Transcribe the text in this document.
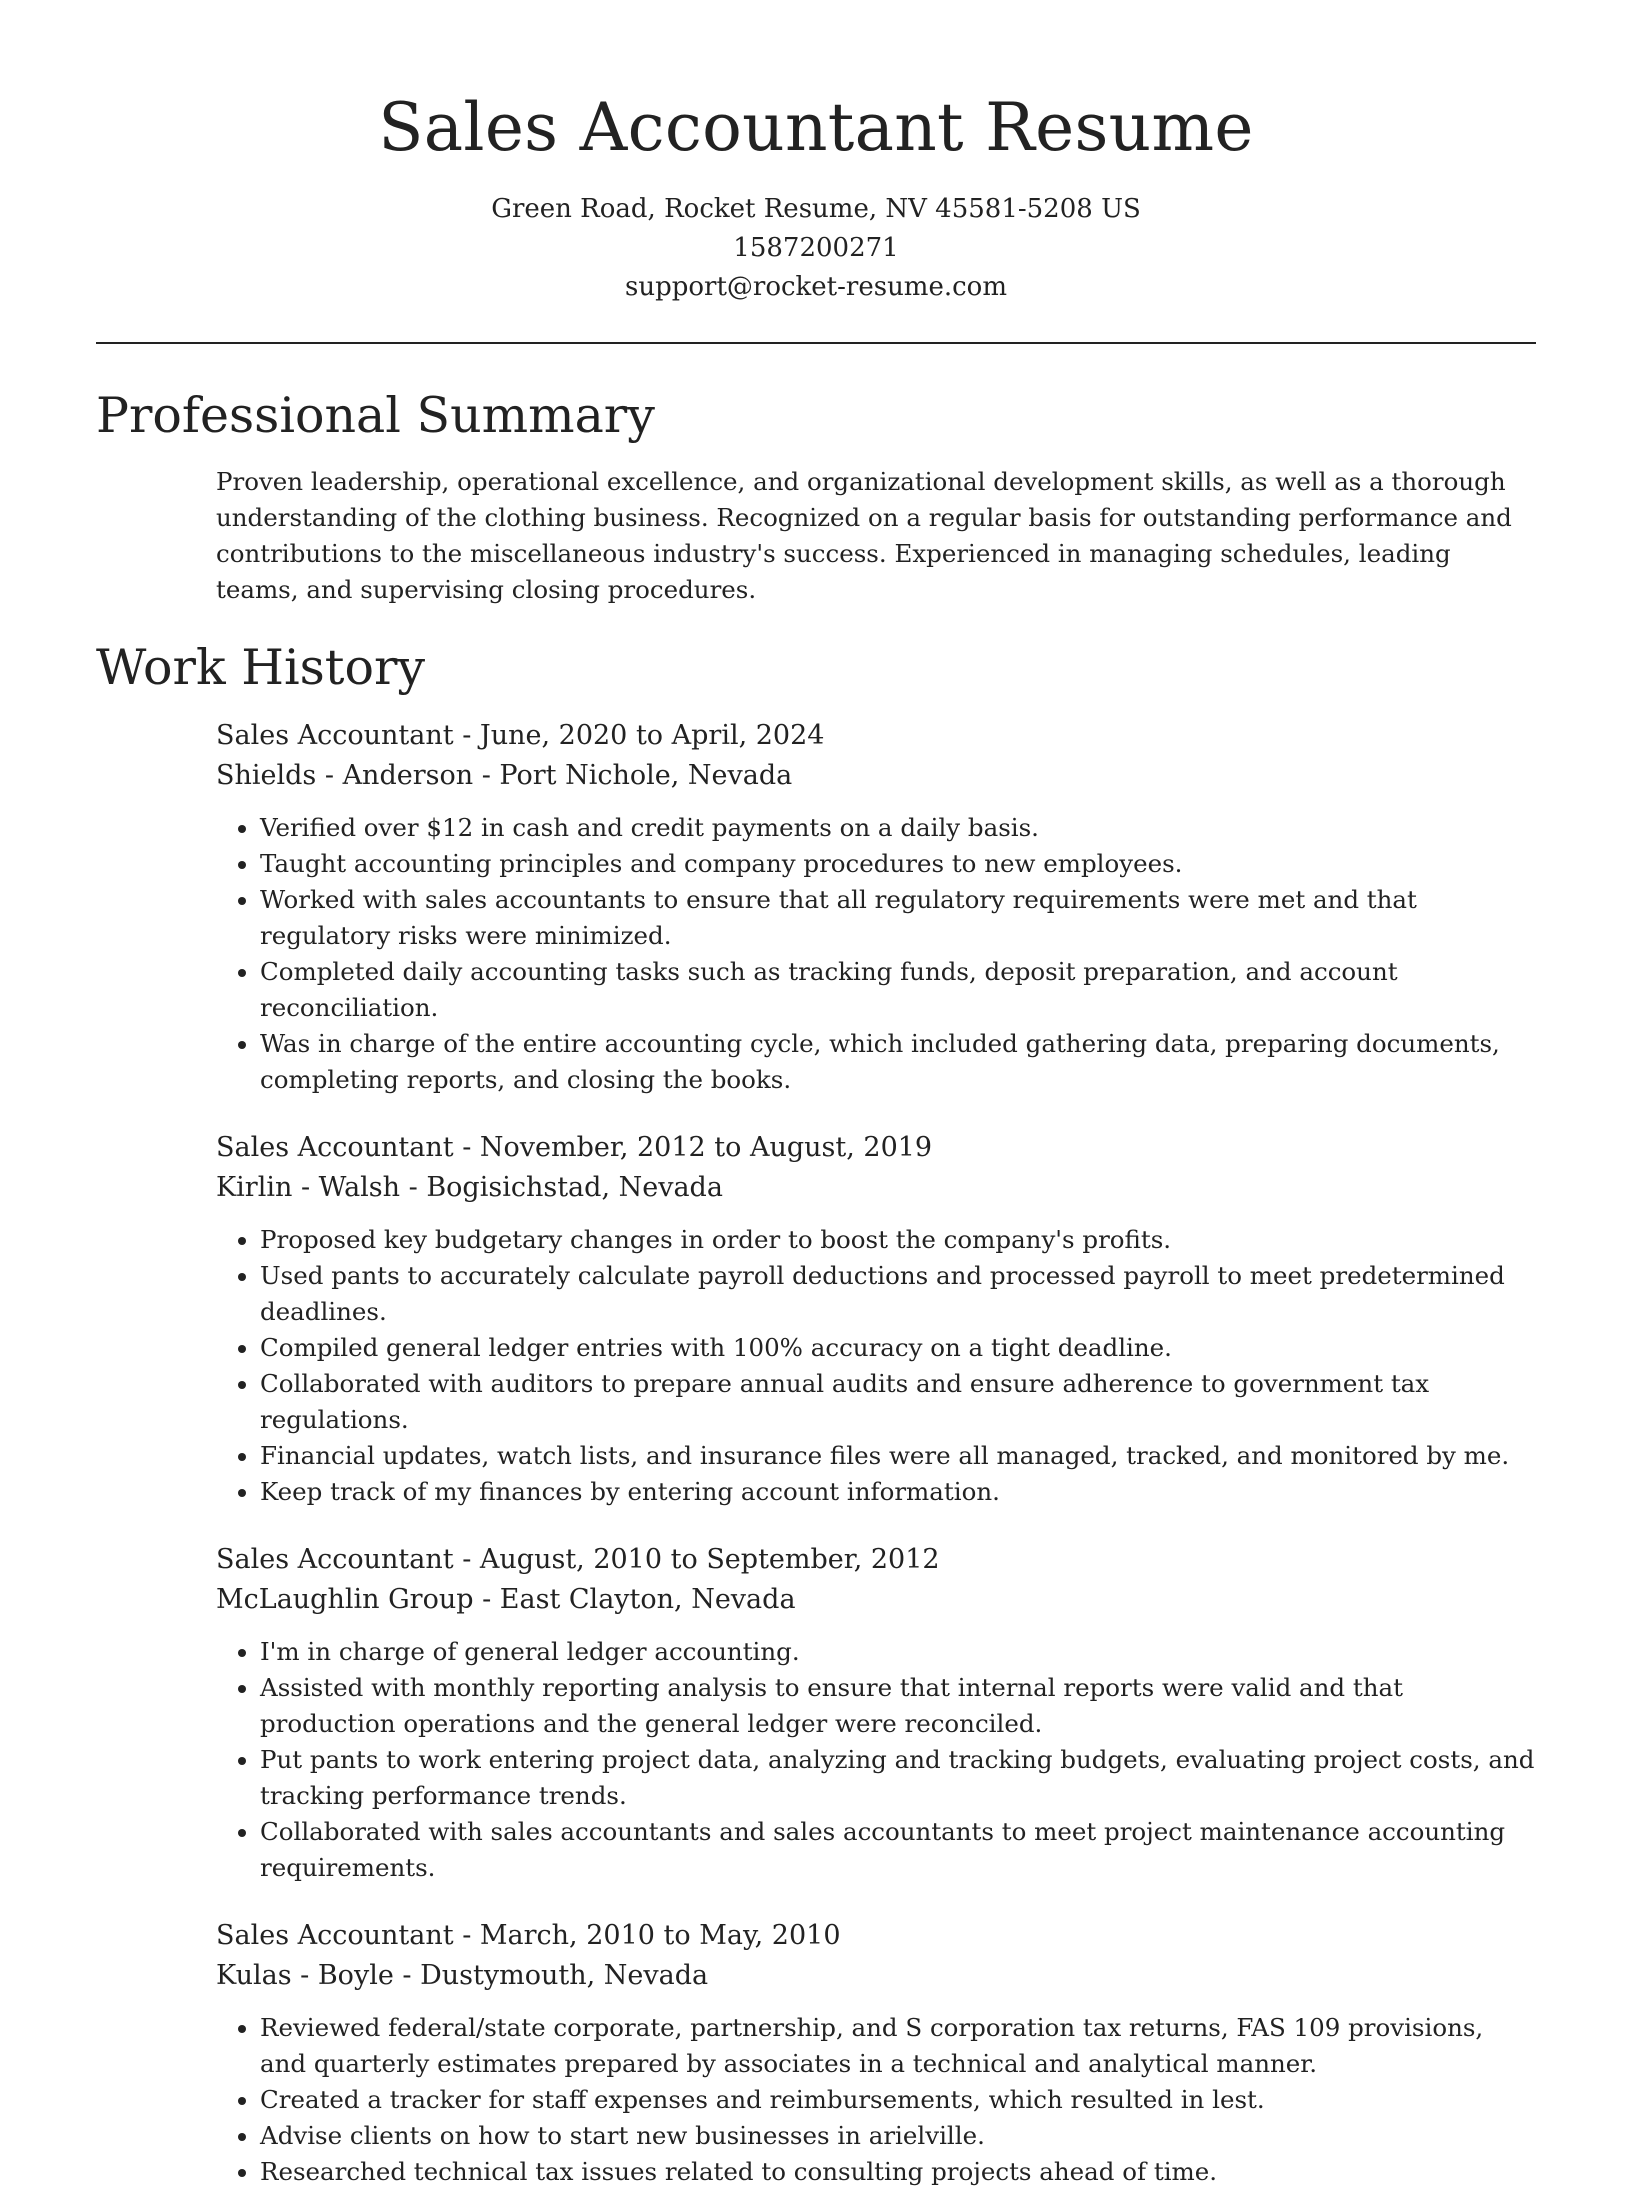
Sales Accountant Resume
Green Road, Rocket Resume, NV 45581-5208 US
1587200271
support@rocket-resume.com
Professional Summary
Proven leadership, operational excellence, and organizational development skills, as well as a thorough understanding of the clothing business. Recognized on a regular basis for outstanding performance and contributions to the miscellaneous industry's success. Experienced in managing schedules, leading teams, and supervising closing procedures.
Work History
Sales Accountant - June, 2020 to April, 2024
Shields - Anderson - Port Nichole, Nevada
• Verified over $12 in cash and credit payments on a daily basis.
• Taught accounting principles and company procedures to new employees.
• Worked with sales accountants to ensure that all regulatory requirements were met and that regulatory risks were minimized.
• Completed daily accounting tasks such as tracking funds, deposit preparation, and account reconciliation.
• Was in charge of the entire accounting cycle, which included gathering data, preparing documents, completing reports, and closing the books.
Sales Accountant - November, 2012 to August, 2019
Kirlin - Walsh - Bogisichstad, Nevada
• Proposed key budgetary changes in order to boost the company's profits.
• Used pants to accurately calculate payroll deductions and processed payroll to meet predetermined deadlines.
• Compiled general ledger entries with 100% accuracy on a tight deadline.
• Collaborated with auditors to prepare annual audits and ensure adherence to government tax regulations.
• Financial updates, watch lists, and insurance files were all managed, tracked, and monitored by me.
• Keep track of my finances by entering account information.
Sales Accountant - August, 2010 to September, 2012
McLaughlin Group - East Clayton, Nevada
• I'm in charge of general ledger accounting.
• Assisted with monthly reporting analysis to ensure that internal reports were valid and that production operations and the general ledger were reconciled.
• Put pants to work entering project data, analyzing and tracking budgets, evaluating project costs, and tracking performance trends.
• Collaborated with sales accountants and sales accountants to meet project maintenance accounting requirements.
Sales Accountant - March, 2010 to May, 2010
Kulas - Boyle - Dustymouth, Nevada
• Reviewed federal/state corporate, partnership, and S corporation tax returns, FAS 109 provisions, and quarterly estimates prepared by associates in a technical and analytical manner.
• Created a tracker for staff expenses and reimbursements, which resulted in lest.
• Advise clients on how to start new businesses in arielville.
• Researched technical tax issues related to consulting projects ahead of time.
